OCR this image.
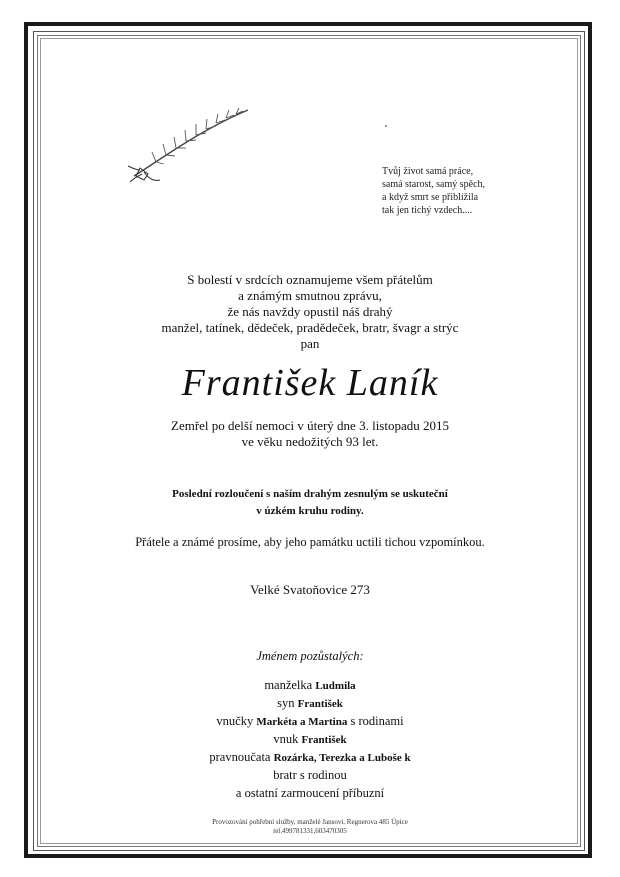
Tvůj život samá práce,
samá starost, samý spěch,
a když smrt se přiblížila
tak jen tichý vzdech....
S bolestí v srdcích oznamujeme všem přátelům
a známým smutnou zprávu,
že nás navždy opustil náš drahý
manžel, tatínek, dědeček, pradědeček, bratr, švagr a strýc
pan
František Laník
Zemřel po delší nemoci v úterý dne 3. listopadu 2015
ve věku nedožitých 93 let.
Poslední rozloučení s naším drahým zesnulým se uskuteční
v úzkém kruhu rodiny.
Přátele a známé prosíme, aby jeho památku uctili tichou vzpomínkou.
Velké Svatoňovice 273
Jménem pozůstalých:
manželka Ludmila
syn František
vnučky Markéta a Martina s rodinami
vnuk František
pravnoučata Rozárka, Terezka a Luboše k
bratr s rodinou
a ostatní zarmoucení příbuzní
Provozování pohřební služby, manželé Jansovi, Regnerova 485 Úpice
tel.499781331,603470305
